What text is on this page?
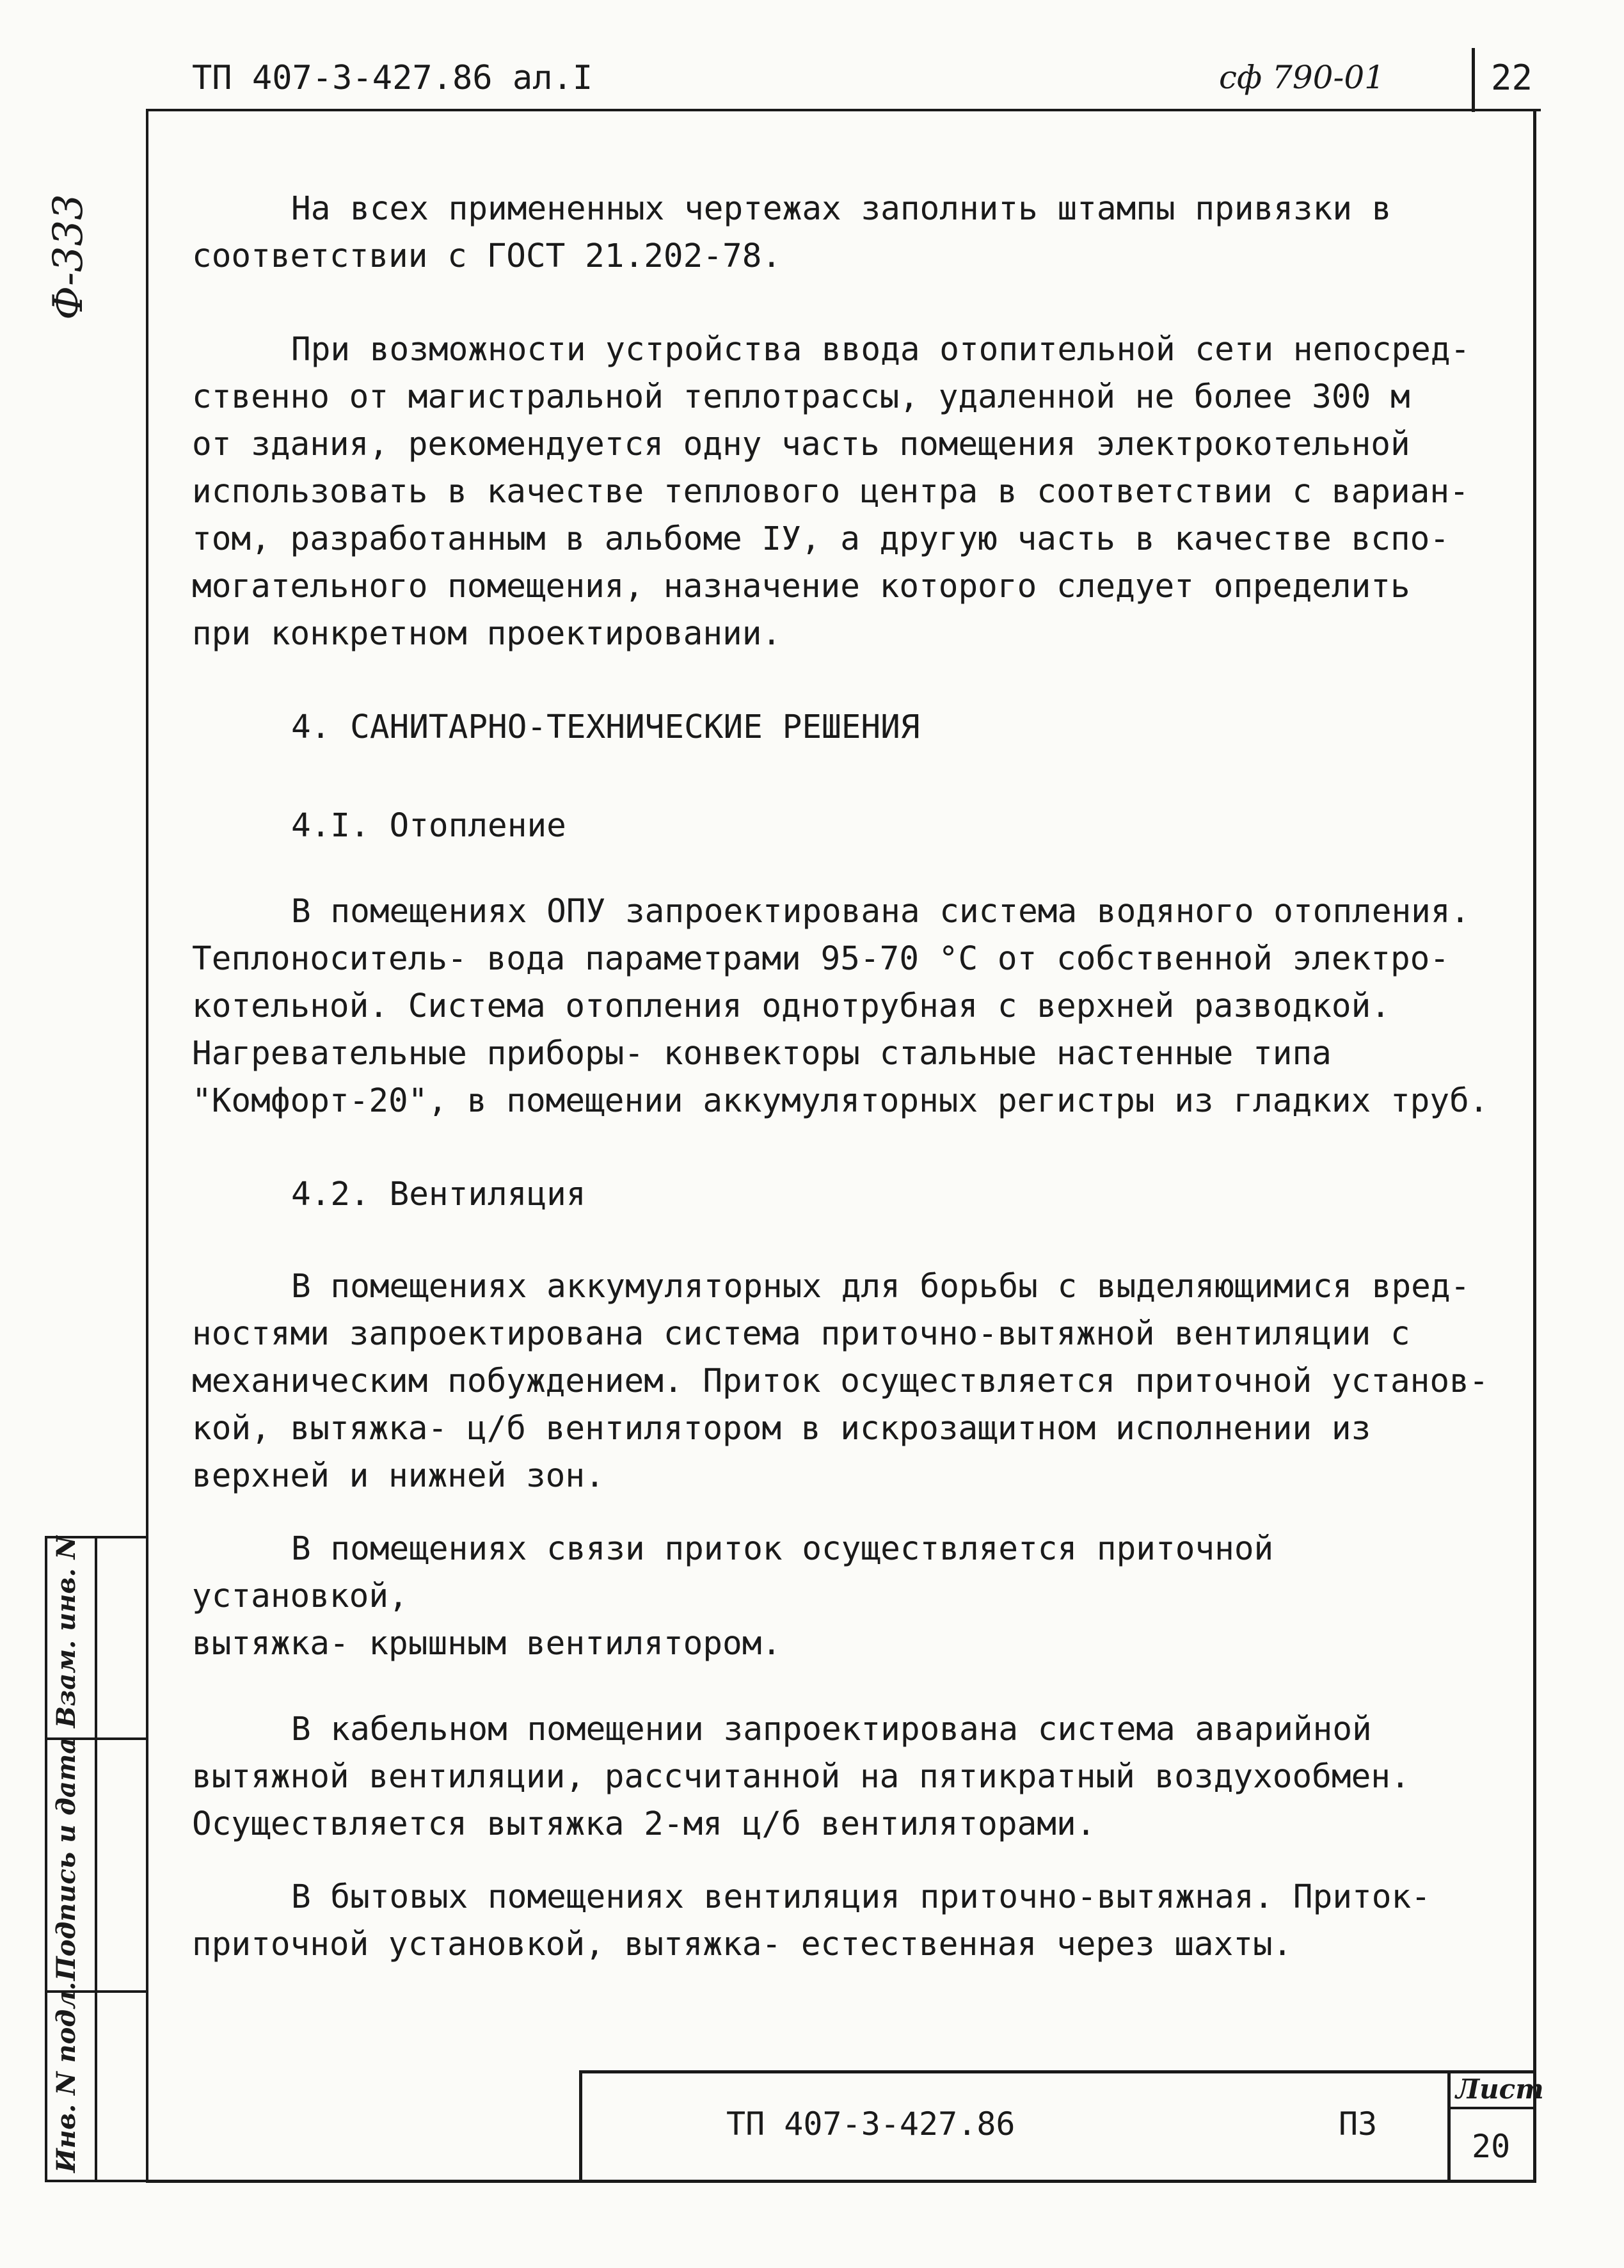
ТП 407-3-427.86 ал.I	сф 790-01	22
Ф-333	На всех примененных чертежах заполнить штампы привязки в
соответствии с ГОСТ 21.202-78.

При возможности устройства ввода отопительной сети непосред-
ственно от магистральной теплотрассы, удаленной не более 300 м
от здания, рекомендуется одну часть помещения электрокотельной
использовать в качестве теплового центра в соответствии с вариан-
том, разработанным в альбоме IУ, а другую часть в качестве вспо-
могательного помещения, назначение которого следует определить
при конкретном проектировании.

4. САНИТАРНО-ТЕХНИЧЕСКИЕ РЕШЕНИЯ

4.I. Отопление

В помещениях ОПУ запроектирована система водяного отопления.
Теплоноситель- вода параметрами 95-70 °С от собственной электро-
котельной. Система отопления однотрубная с верхней разводкой.
Нагревательные приборы- конвекторы стальные настенные типа
"Комфорт-20", в помещении аккумуляторных регистры из гладких труб.

4.2. Вентиляция

В помещениях аккумуляторных для борьбы с выделяющимися вред-
ностями запроектирована система приточно-вытяжной вентиляции с
механическим побуждением. Приток осуществляется приточной установ-
кой, вытяжка- ц/б вентилятором в искрозащитном исполнении из
верхней и нижней зон.

В помещениях связи приток осуществляется приточной установкой,
вытяжка- крышным вентилятором.

В кабельном помещении запроектирована система аварийной
вытяжной вентиляции, рассчитанной на пятикратный воздухообмен.
Осуществляется вытяжка 2-мя ц/б вентиляторами.

В бытовых помещениях вентиляция приточно-вытяжная. Приток-
приточной установкой, вытяжка- естественная через шахты.

Взам. инв. N
Подпись и дата
Инв. N подл.	ТП 407-3-427.86	ПЗ
Лист
20
